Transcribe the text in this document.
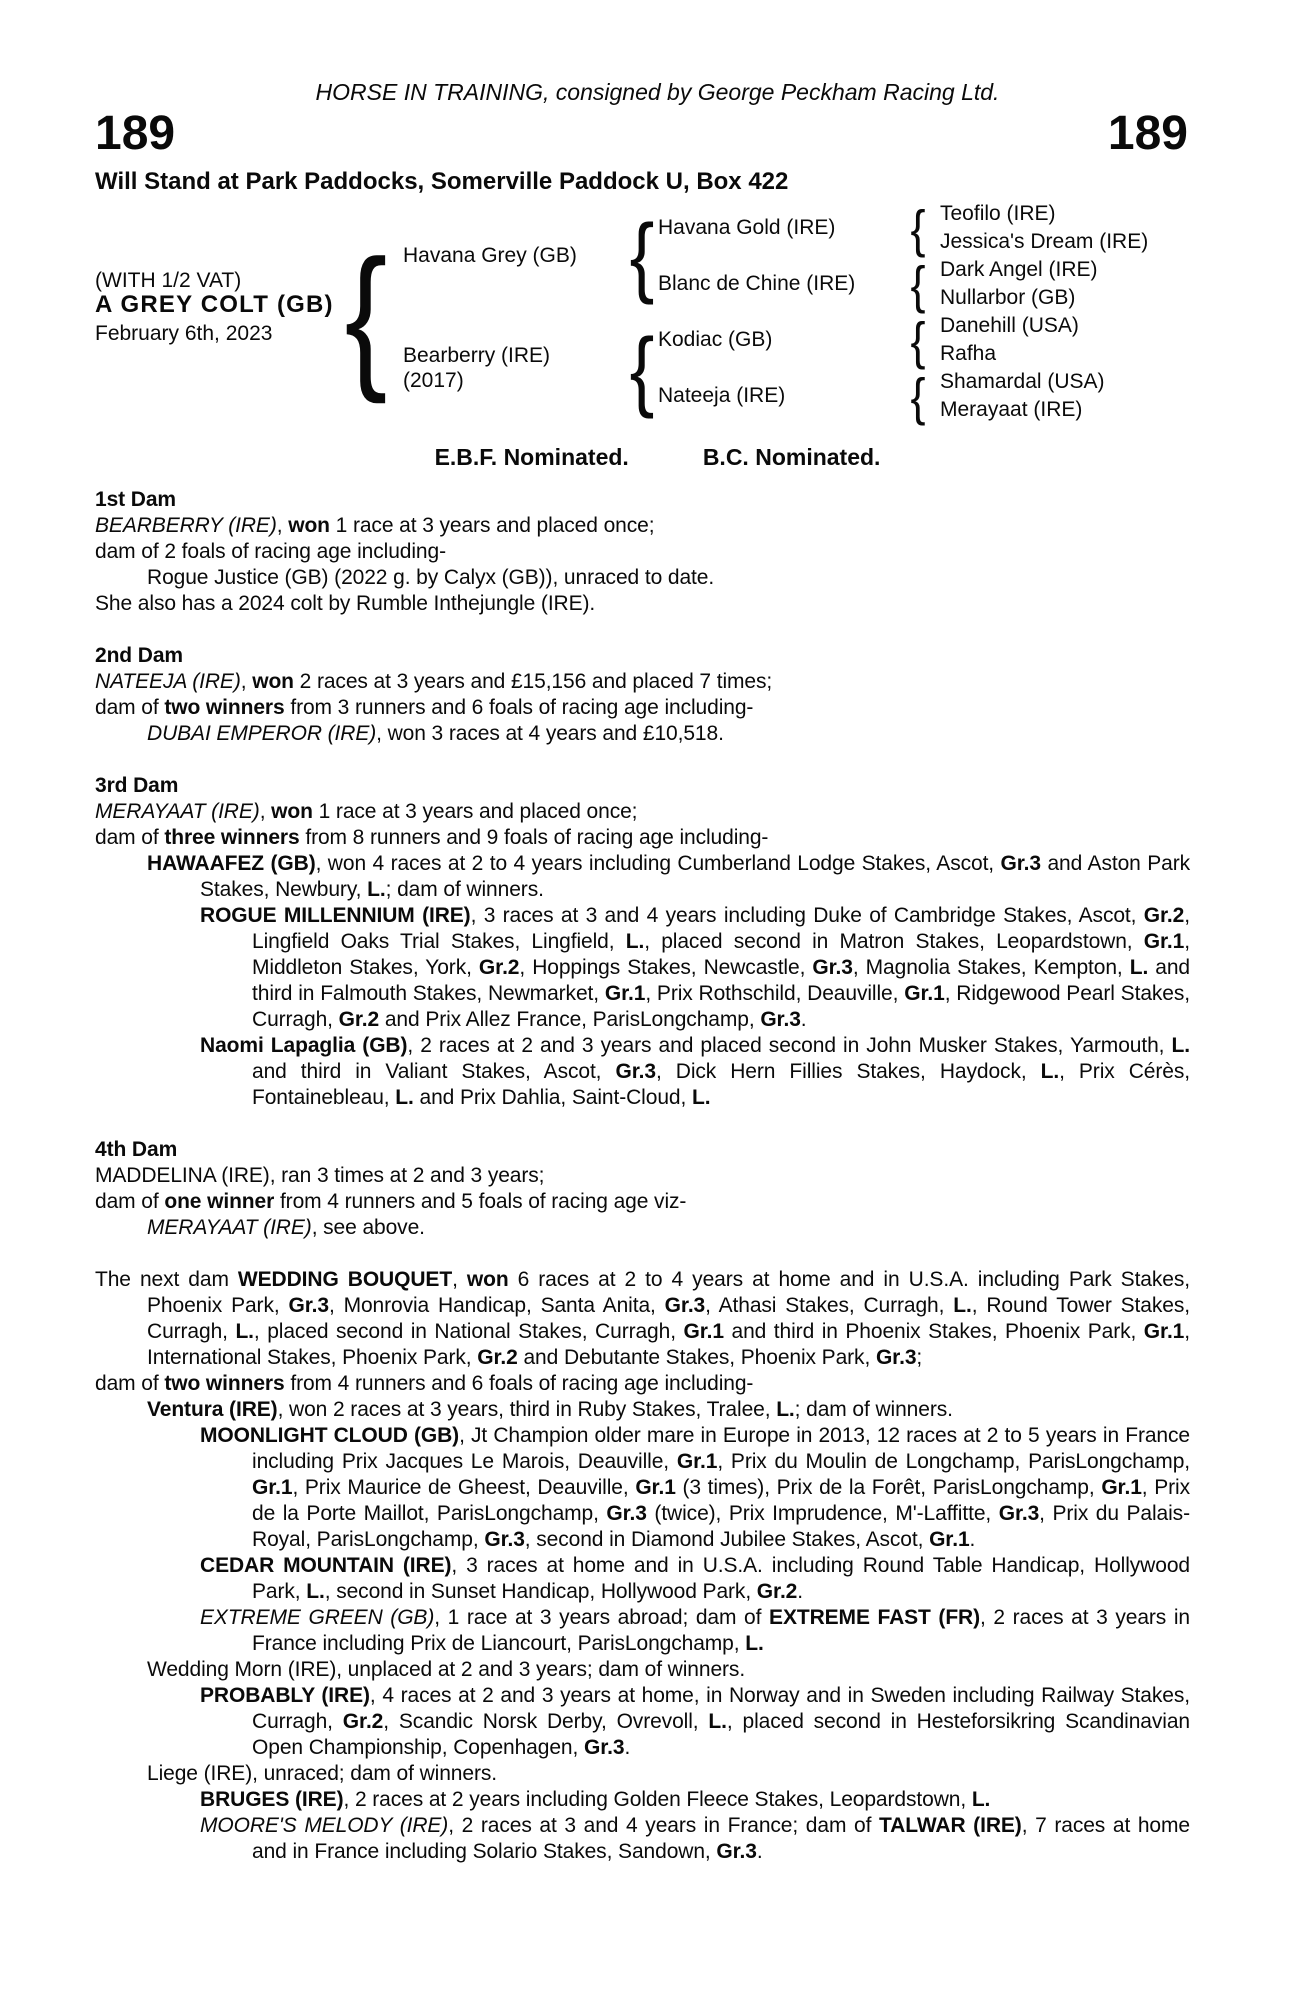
HORSE IN TRAINING, consigned by George Peckham Racing Ltd.
189	189
Will Stand at Park Paddocks, Somerville Paddock U, Box 422
(WITH 1/2 VAT)
A GREY COLT (GB)
February 6th, 2023 { Havana Grey (GB)
Bearberry (IRE)
(2017)
{
{
Havana Gold (IRE)
Blanc de Chine (IRE)
Kodiac (GB)
Nateeja (IRE)
{
{
{
{
Teofilo (IRE)
Jessica's Dream (IRE)
Dark Angel (IRE)
Nullarbor (GB)
Danehill (USA)
Rafha
Shamardal (USA)
Merayaat (IRE)
E.B.F. Nominated.	B.C. Nominated.
1st Dam

BEARBERRY (IRE), won 1 race at 3 years and placed once;

dam of 2 foals of racing age including-

Rogue Justice (GB) (2022 g. by Calyx (GB)), unraced to date.

She also has a 2024 colt by Rumble Inthejungle (IRE).

2nd Dam

NATEEJA (IRE), won 2 races at 3 years and £15,156 and placed 7 times;

dam of two winners from 3 runners and 6 foals of racing age including-

DUBAI EMPEROR (IRE), won 3 races at 4 years and £10,518.

3rd Dam

MERAYAAT (IRE), won 1 race at 3 years and placed once;

dam of three winners from 8 runners and 9 foals of racing age including-

HAWAAFEZ (GB), won 4 races at 2 to 4 years including Cumberland Lodge Stakes, Ascot, Gr.3 and Aston Park Stakes, Newbury, L.; dam of winners.

ROGUE MILLENNIUM (IRE), 3 races at 3 and 4 years including Duke of Cambridge Stakes, Ascot, Gr.2, Lingfield Oaks Trial Stakes, Lingfield, L., placed second in Matron Stakes, Leopardstown, Gr.1, Middleton Stakes, York, Gr.2, Hoppings Stakes, Newcastle, Gr.3, Magnolia Stakes, Kempton, L. and third in Falmouth Stakes, Newmarket, Gr.1, Prix Rothschild, Deauville, Gr.1, Ridgewood Pearl Stakes, Curragh, Gr.2 and Prix Allez France, ParisLongchamp, Gr.3.

Naomi Lapaglia (GB), 2 races at 2 and 3 years and placed second in John Musker Stakes, Yarmouth, L. and third in Valiant Stakes, Ascot, Gr.3, Dick Hern Fillies Stakes, Haydock, L., Prix Cérès, Fontainebleau, L. and Prix Dahlia, Saint-Cloud, L.

4th Dam

MADDELINA (IRE), ran 3 times at 2 and 3 years;

dam of one winner from 4 runners and 5 foals of racing age viz-

MERAYAAT (IRE), see above.

The next dam WEDDING BOUQUET, won 6 races at 2 to 4 years at home and in U.S.A. including Park Stakes, Phoenix Park, Gr.3, Monrovia Handicap, Santa Anita, Gr.3, Athasi Stakes, Curragh, L., Round Tower Stakes, Curragh, L., placed second in National Stakes, Curragh, Gr.1 and third in Phoenix Stakes, Phoenix Park, Gr.1, International Stakes, Phoenix Park, Gr.2 and Debutante Stakes, Phoenix Park, Gr.3;

dam of two winners from 4 runners and 6 foals of racing age including-

Ventura (IRE), won 2 races at 3 years, third in Ruby Stakes, Tralee, L.; dam of winners.

MOONLIGHT CLOUD (GB), Jt Champion older mare in Europe in 2013, 12 races at 2 to 5 years in France including Prix Jacques Le Marois, Deauville, Gr.1, Prix du Moulin de Longchamp, ParisLongchamp, Gr.1, Prix Maurice de Gheest, Deauville, Gr.1 (3 times), Prix de la Forêt, ParisLongchamp, Gr.1, Prix de la Porte Maillot, ParisLongchamp, Gr.3 (twice), Prix Imprudence, M'-Laffitte, Gr.3, Prix du Palais-Royal, ParisLongchamp, Gr.3, second in Diamond Jubilee Stakes, Ascot, Gr.1.

CEDAR MOUNTAIN (IRE), 3 races at home and in U.S.A. including Round Table Handicap, Hollywood Park, L., second in Sunset Handicap, Hollywood Park, Gr.2.

EXTREME GREEN (GB), 1 race at 3 years abroad; dam of EXTREME FAST (FR), 2 races at 3 years in France including Prix de Liancourt, ParisLongchamp, L.

Wedding Morn (IRE), unplaced at 2 and 3 years; dam of winners.

PROBABLY (IRE), 4 races at 2 and 3 years at home, in Norway and in Sweden including Railway Stakes, Curragh, Gr.2, Scandic Norsk Derby, Ovrevoll, L., placed second in Hesteforsikring Scandinavian Open Championship, Copenhagen, Gr.3.

Liege (IRE), unraced; dam of winners.

BRUGES (IRE), 2 races at 2 years including Golden Fleece Stakes, Leopardstown, L.

MOORE'S MELODY (IRE), 2 races at 3 and 4 years in France; dam of TALWAR (IRE), 7 races at home and in France including Solario Stakes, Sandown, Gr.3.
